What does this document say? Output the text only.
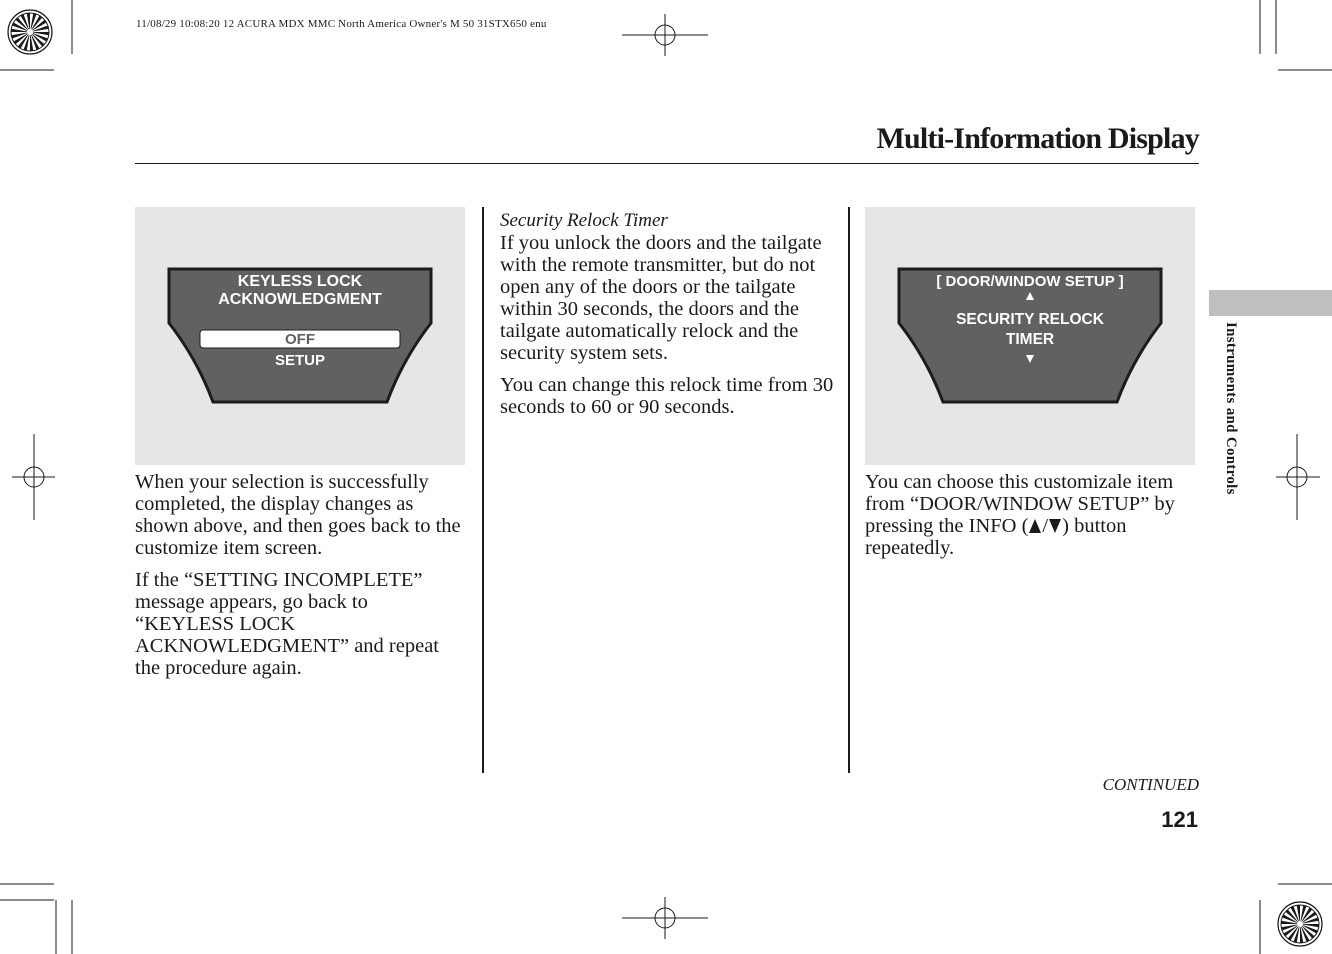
11/08/29 10:08:20 12 ACURA MDX MMC North America Owner's M 50 31STX650 enu
Multi-Information Display
KEYLESS LOCK
ACKNOWLEDGMENT
OFF
SETUP

When your selection is successfully completed, the display changes as shown above, and then goes back to the customize item screen.

If the “SETTING INCOMPLETE” message appears, go back to “KEYLESS LOCK ACKNOWLEDGMENT” and repeat the procedure again.

Security Relock Timer

If you unlock the doors and the tailgate with the remote transmitter, but do not open any of the doors or the tailgate within 30 seconds, the doors and the tailgate automatically relock and the security system sets.

You can change this relock time from 30 seconds to 60 or 90 seconds.

[ DOOR/WINDOW SETUP ]
SECURITY RELOCK
TIMER

You can choose this customizale item from “DOOR/WINDOW SETUP” by pressing the INFO ( / ) button repeatedly.

Instruments and Controls
CONTINUED
121
